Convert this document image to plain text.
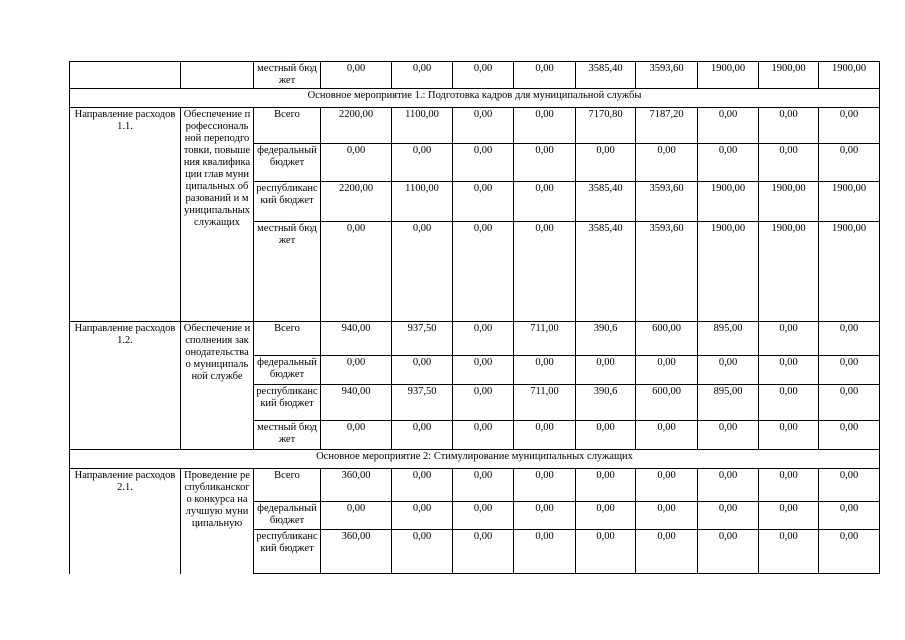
		местный бюджет	0,00	0,00	0,00	0,00	3585,40	3593,60	1900,00	1900,00	1900,00
Основное мероприятие 1.: Подготовка кадров для муниципальной службы											
Направление расходов 1.1.	Обеспечение профессиональной переподготовки, повышения квалификации глав муниципальных образований и муниципальных служащих	Всего	2200,00	1100,00	0,00	0,00	7170,80	7187,20	0,00	0,00	0,00
		федеральный бюджет	0,00	0,00	0,00	0,00	0,00	0,00	0,00	0,00	0,00
		республиканский бюджет	2200,00	1100,00	0,00	0,00	3585,40	3593,60	1900,00	1900,00	1900,00
		местный бюджет	0,00	0,00	0,00	0,00	3585,40	3593,60	1900,00	1900,00	1900,00
Направление расходов 1.2.	Обеспечение исполнения законодательства о муниципальной службе	Всего	940,00	937,50	0,00	711,00	390,6	600,00	895,00	0,00	0,00
		федеральный бюджет	0,00	0,00	0,00	0,00	0,00	0,00	0,00	0,00	0,00
		республиканский бюджет	940,00	937,50	0,00	711,00	390,6	600,00	895,00	0,00	0,00
		местный бюджет	0,00	0,00	0,00	0,00	0,00	0,00	0,00	0,00	0,00
Основное мероприятие 2: Стимулирование муниципальных служащих											
Направление расходов 2.1.	Проведение республиканского конкурса на лучшую муниципальную	Всего	360,00	0,00	0,00	0,00	0,00	0,00	0,00	0,00	0,00
		федеральный бюджет	0,00	0,00	0,00	0,00	0,00	0,00	0,00	0,00	0,00
		республиканский бюджет	360,00	0,00	0,00	0,00	0,00	0,00	0,00	0,00	0,00
